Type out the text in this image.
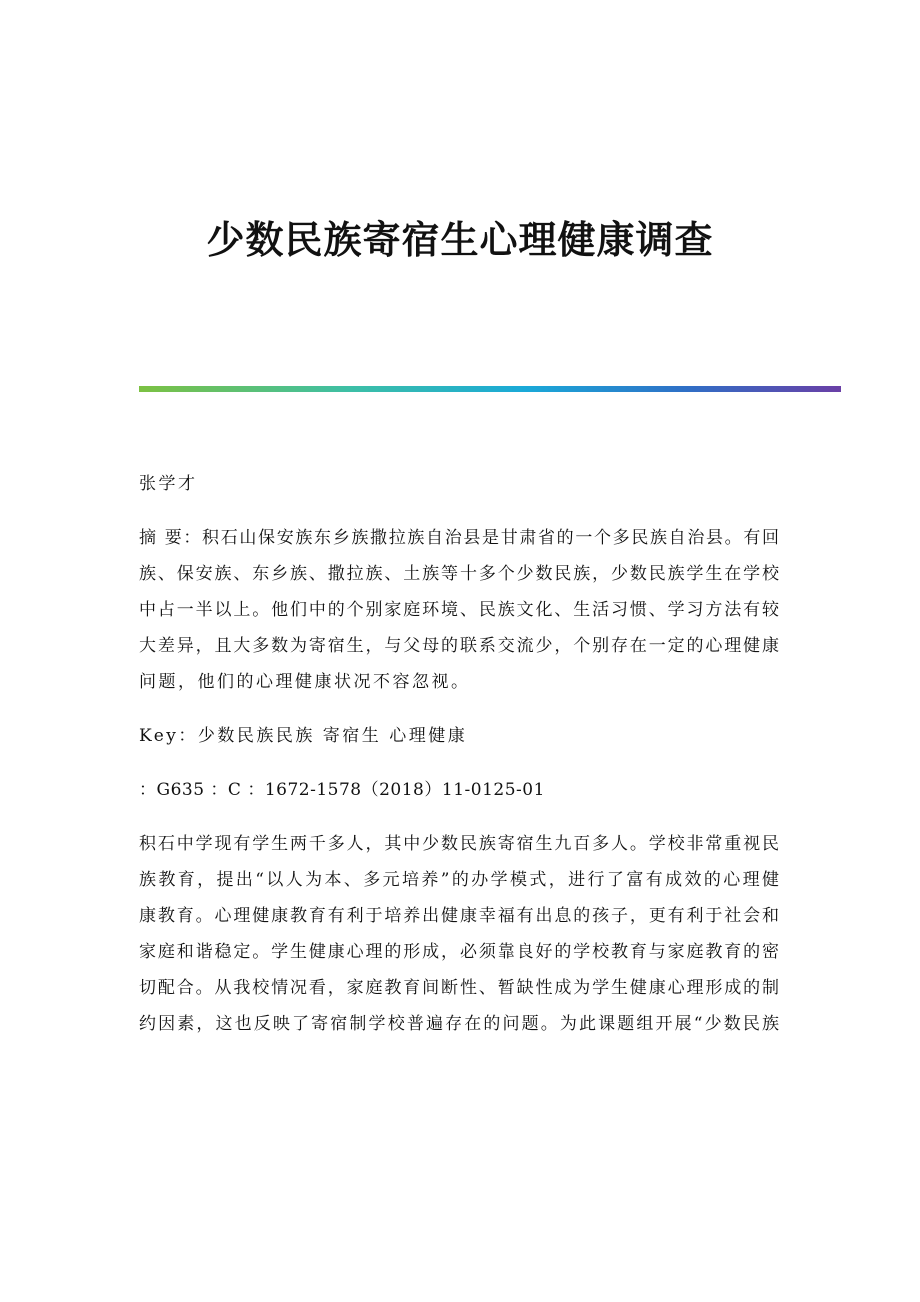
少数民族寄宿生心理健康调查

张学才

摘 要：积石山保安族东乡族撒拉族自治县是甘肃省的一个多民族自治县。有回

族、保安族、东乡族、撒拉族、土族等十多个少数民族，少数民族学生在学校

中占一半以上。他们中的个别家庭环境、民族文化、生活习惯、学习方法有较

大差异，且大多数为寄宿生，与父母的联系交流少，个别存在一定的心理健康

问题，他们的心理健康状况不容忽视。

Key：少数民族民族 寄宿生 心理健康

：G635 ：C ：1672-1578（2018）11-0125-01

积石中学现有学生两千多人，其中少数民族寄宿生九百多人。学校非常重视民

族教育，提出“以人为本、多元培养”的办学模式，进行了富有成效的心理健

康教育。心理健康教育有利于培养出健康幸福有出息的孩子，更有利于社会和

家庭和谐稳定。学生健康心理的形成，必须靠良好的学校教育与家庭教育的密

切配合。从我校情况看，家庭教育间断性、暂缺性成为学生健康心理形成的制

约因素，这也反映了寄宿制学校普遍存在的问题。为此课题组开展“少数民族
